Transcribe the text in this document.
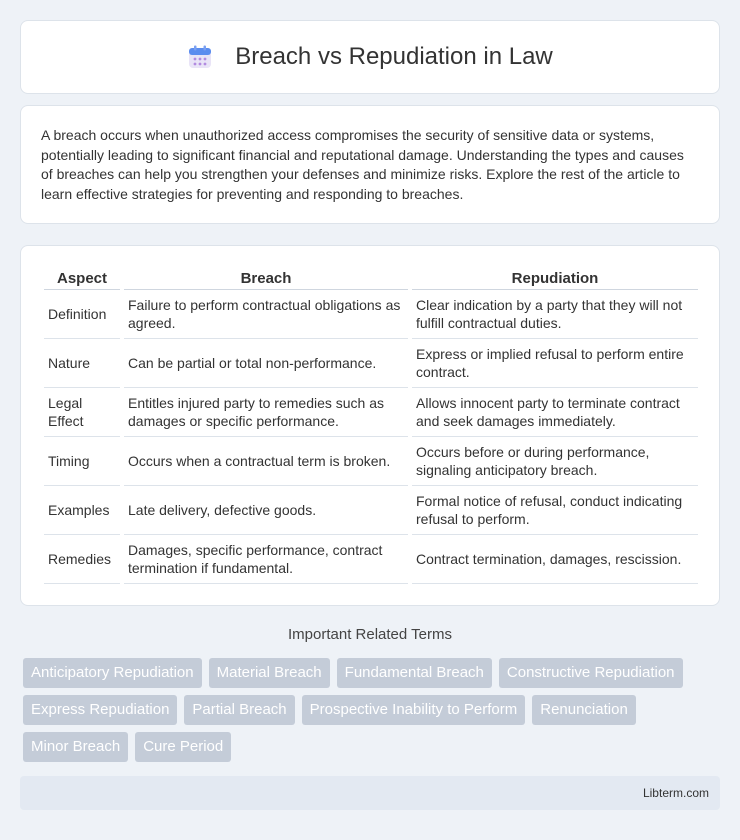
Breach vs Repudiation in Law

A breach occurs when unauthorized access compromises the security of sensitive data or systems, potentially leading to significant financial and reputational damage. Understanding the types and causes of breaches can help you strengthen your defenses and minimize risks. Explore the rest of the article to learn effective strategies for preventing and responding to breaches.

Aspect	Breach	Repudiation
Definition	Failure to perform contractual obligations as agreed.	Clear indication by a party that they will not fulfill contractual duties.
Nature	Can be partial or total non-performance.	Express or implied refusal to perform entire contract.
Legal Effect	Entitles injured party to remedies such as damages or specific performance.	Allows innocent party to terminate contract and seek damages immediately.
Timing	Occurs when a contractual term is broken.	Occurs before or during performance, signaling anticipatory breach.
Examples	Late delivery, defective goods.	Formal notice of refusal, conduct indicating refusal to perform.
Remedies	Damages, specific performance, contract termination if fundamental.	Contract termination, damages, rescission.
Important Related Terms
Anticipatory Repudiation	Material Breach	Fundamental Breach	Constructive Repudiation
Express Repudiation	Partial Breach	Prospective Inability to Perform	Renunciation
Minor Breach	Cure Period
Libterm.com
